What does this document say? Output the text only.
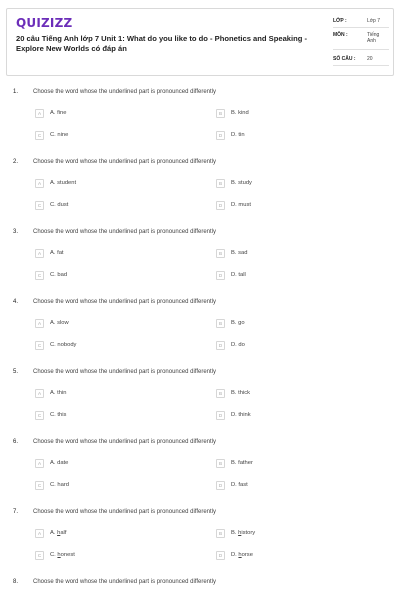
QUIZIZZ
20 câu Tiếng Anh lớp 7 Unit 1: What do you like to do - Phonetics and Speaking - Explore New Worlds có đáp án
LỚP :	Lớp 7
MÔN :	Tiếng Anh
SỐ CÂU : 20
1. Choose the word whose the underlined part is pronounced differently
A	A. fine	B	B. kind
C	C. nine	D	D. tin
2. Choose the word whose the underlined part is pronounced differently
A	A. student	B	B. study
C	C. dust	D	D. must
3. Choose the word whose the underlined part is pronounced differently
A	A. fat	B	B. sad
C	C. bad	D	D. tall
4. Choose the word whose the underlined part is pronounced differently
A	A. slow	B	B. go
C	C. nobody	D	D. do
5. Choose the word whose the underlined part is pronounced differently
A	A. thin	B	B. thick
C	C. this	D	D. think
6. Choose the word whose the underlined part is pronounced differently
A	A. date	B	B. father
C	C. hard	D	D. fast
7. Choose the word whose the underlined part is pronounced differently
A	A. half	B	B. history
C	C. honest	D	D. horse
8. Choose the word whose the underlined part is pronounced differently
